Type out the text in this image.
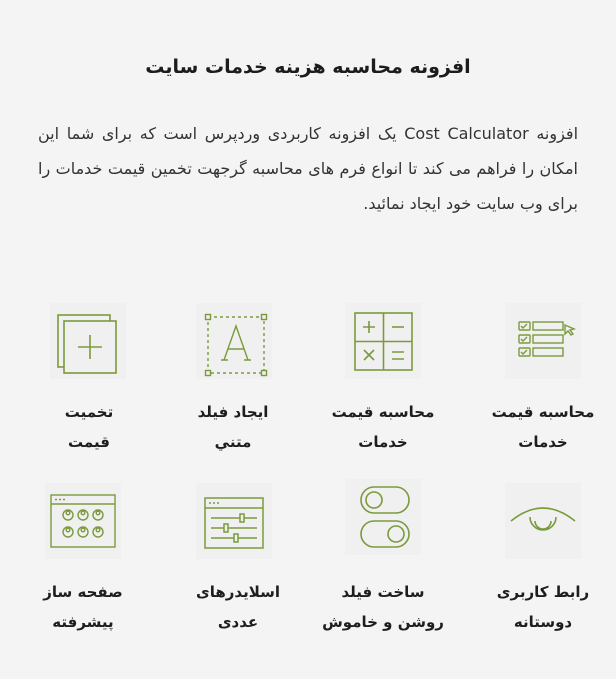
افزونه محاسبه هزینه خدمات سایت
افزونه Cost Calculator یک افزونه کاربردی وردپرس است که برای شما این امکان را فراهم می کند تا انواع فرم های محاسبه گرجهت تخمین قیمت خدمات را برای وب سایت خود ایجاد نمائید.
محاسبه قیمت
خدمات
محاسبه قیمت
خدمات
ایجاد فیلد
متني
تخمیت
قیمت
رابط کاربری
دوستانه
ساخت فیلد
روشن و خاموش
اسلایدرهای
عددی
صفحه ساز
پیشرفته
